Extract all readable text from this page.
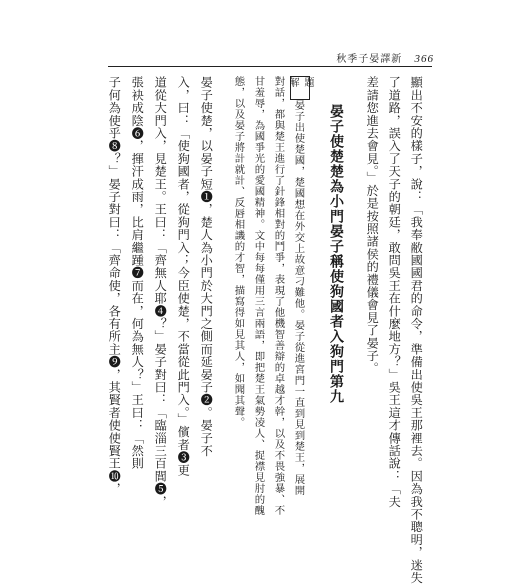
秋季子晏譯新 366
顯出不安的樣子，說：「我奉敝國國君的命令，準備出使吳王那裡去。因為我不聰明，迷失
了道路，誤入了天子的朝廷，敢問吳王在什麼地方？」吳王這才傳話說：「夫
差請您進去會見。」於是按照諸侯的禮儀會見了晏子。
晏子使楚楚為小門晏子稱使狗國者入狗門第九
題 解
晏子出使楚國，楚國想在外交上故意刁難他。晏子從進宮門一直到見到楚王，展開
對話，都與楚王進行了針鋒相對的鬥爭，表現了他機智善辯的卓越才幹，以及不畏強暴、不
甘羞辱，為國爭光的愛國精神。文中每每僅用三言兩語，即把楚王氣勢凌人、捉襟見肘的醜
態，以及晏子將計就計、反唇相譏的才智，描寫得如見其人，如聞其聲。
晏子使楚，以晏子短❶，楚人為小門於大門之側而延晏子❷。晏子不
入，曰：「使狗國者，從狗門入；今臣使楚，不當從此門入。」儐者❸更
道從大門入，見楚王。王曰：「齊無人耶❹？」晏子對曰：「臨淄三百閭❺，
張袂成陰❻，揮汗成雨，比肩繼踵❼而在，何為無人？」王曰：「然則
子何為使乎❽？」晏子對曰：「齊命使，各有所主❾，其賢者使使賢王❿，
